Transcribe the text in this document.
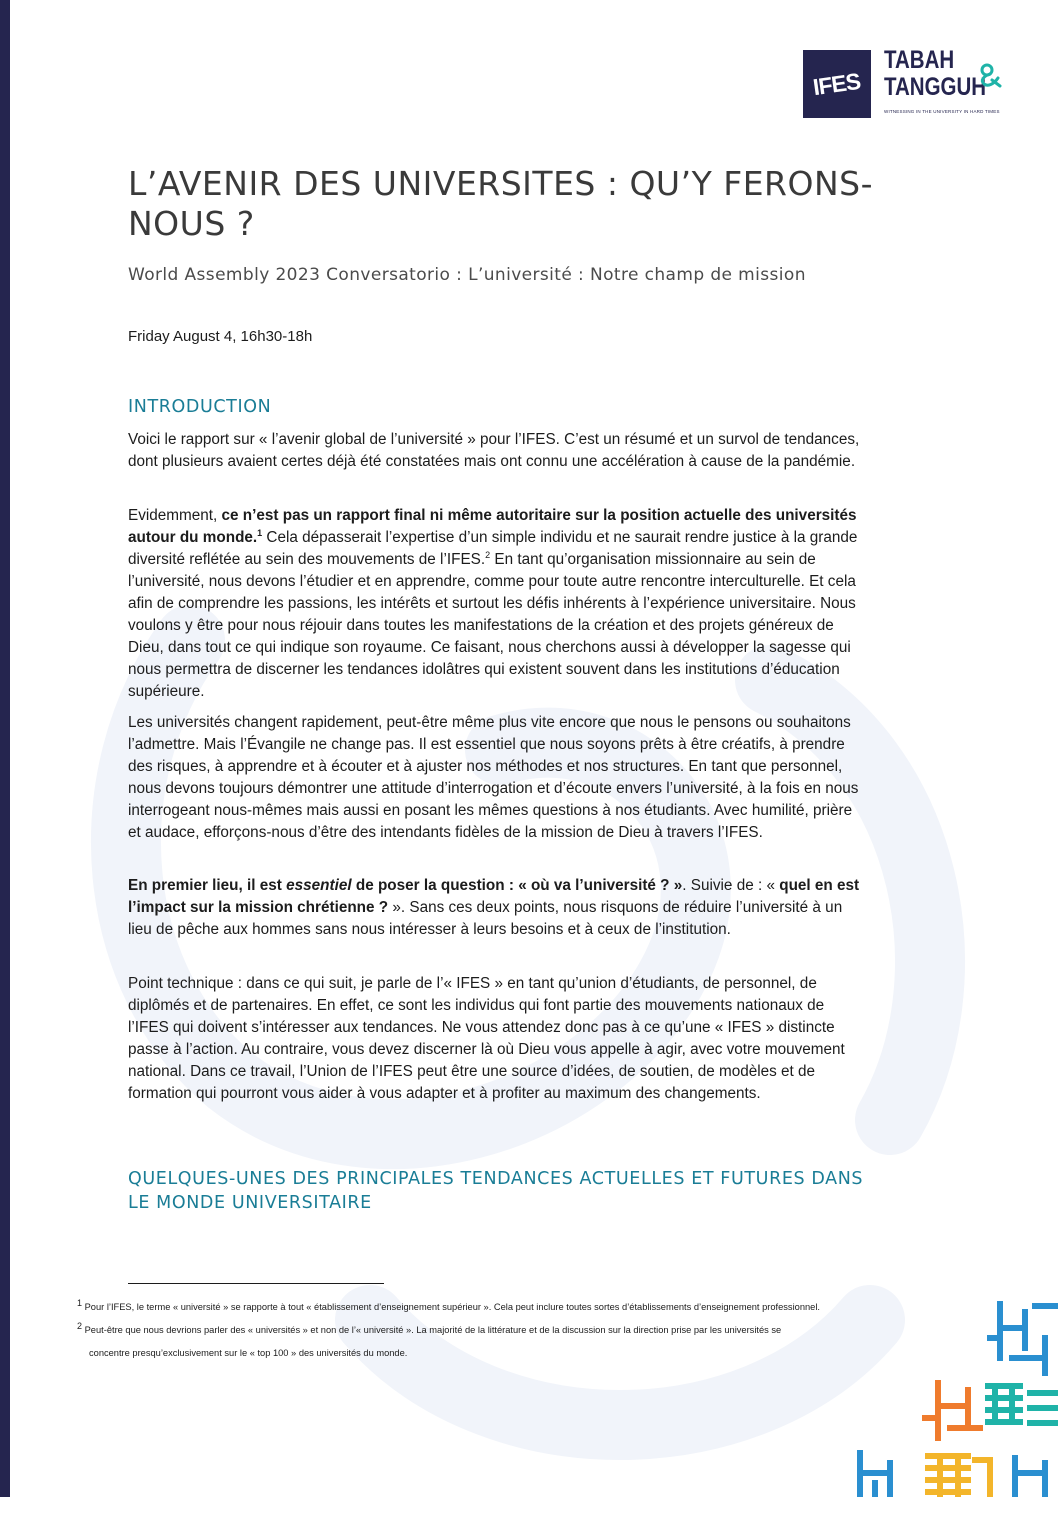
IFES
TABAH
TANGGUH
WITNESSING IN THE UNIVERSITY IN HARD TIMES
L’AVENIR DES UNIVERSITES : QU’Y FERONS-NOUS ?

World Assembly 2023 Conversatorio : L’université : Notre champ de mission

Friday August 4, 16h30-18h

INTRODUCTION

Voici le rapport sur « l’avenir global de l’université » pour l’IFES. C’est un résumé et un survol de tendances, dont plusieurs avaient certes déjà été constatées mais ont connu une accélération à cause de la pandémie.

Evidemment, ce n’est pas un rapport final ni même autoritaire sur la position actuelle des universités autour du monde.$^1$ Cela dépasserait l’expertise d’un simple individu et ne saurait rendre justice à la grande diversité reflétée au sein des mouvements de l’IFES.$^2$ En tant qu’organisation missionnaire au sein de l’université, nous devons l’étudier et en apprendre, comme pour toute autre rencontre interculturelle. Et cela afin de comprendre les passions, les intérêts et surtout les défis inhérents à l’expérience universitaire. Nous voulons y être pour nous réjouir dans toutes les manifestations de la création et des projets généreux de Dieu, dans tout ce qui indique son royaume. Ce faisant, nous cherchons aussi à développer la sagesse qui nous permettra de discerner les tendances idolâtres qui existent souvent dans les institutions d’éducation supérieure.

Les universités changent rapidement, peut-être même plus vite encore que nous le pensons ou souhaitons l’admettre. Mais l’Évangile ne change pas. Il est essentiel que nous soyons prêts à être créatifs, à prendre des risques, à apprendre et à écouter et à ajuster nos méthodes et nos structures. En tant que personnel, nous devons toujours démontrer une attitude d’interrogation et d’écoute envers l’université, à la fois en nous interrogeant nous-mêmes mais aussi en posant les mêmes questions à nos étudiants. Avec humilité, prière et audace, efforçons-nous d’être des intendants fidèles de la mission de Dieu à travers l’IFES.

En premier lieu, il est essentiel de poser la question : « où va l’université ? ». Suivie de : « quel en est l’impact sur la mission chrétienne ? ». Sans ces deux points, nous risquons de réduire l’université à un lieu de pêche aux hommes sans nous intéresser à leurs besoins et à ceux de l’institution.

Point technique : dans ce qui suit, je parle de l’« IFES » en tant qu’union d’étudiants, de personnel, de diplômés et de partenaires. En effet, ce sont les individus qui font partie des mouvements nationaux de l’IFES qui doivent s’intéresser aux tendances. Ne vous attendez donc pas à ce qu’une « IFES » distincte passe à l’action. Au contraire, vous devez discerner là où Dieu vous appelle à agir, avec votre mouvement national. Dans ce travail, l’Union de l’IFES peut être une source d’idées, de soutien, de modèles et de formation qui pourront vous aider à vous adapter et à profiter au maximum des changements.

QUELQUES-UNES DES PRINCIPALES TENDANCES ACTUELLES ET FUTURES DANS LE MONDE UNIVERSITAIRE

$^1$ Pour l’IFES, le terme « université » se rapporte à tout « établissement d’enseignement supérieur ». Cela peut inclure toutes sortes d’établissements d’enseignement professionnel.

$^2$ Peut-être que nous devrions parler des « universités » et non de l’« université ». La majorité de la littérature et de la discussion sur la direction prise par les universités se
concentre presqu’exclusivement sur le « top 100 » des universités du monde.
